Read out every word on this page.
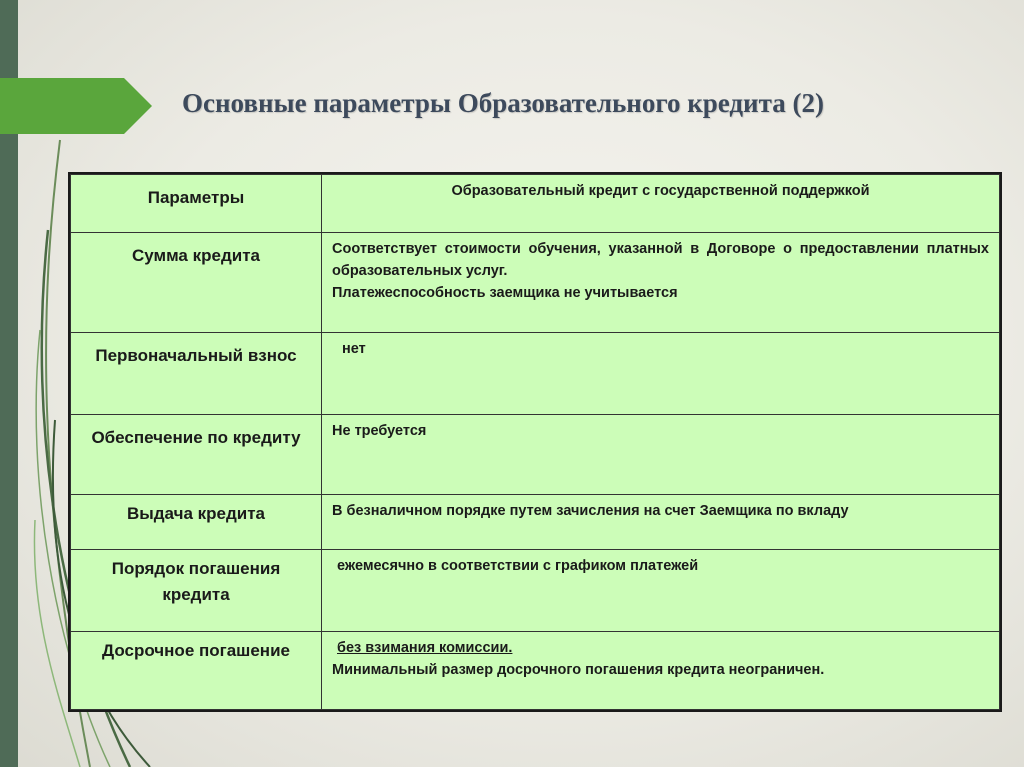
Основные параметры Образовательного кредита (2)
Параметры	Образовательный кредит с государственной поддержкой

Сумма кредита	Соответствует стоимости обучения, указанной в Договоре о предоставлении платных образовательных услуг.
Платежеспособность заемщика не учитывается

Первоначальный взнос	нет

Обеспечение по кредиту	Не требуется

Выдача кредита	В безналичном порядке путем зачисления на счет Заемщика по вкладу

Порядок погашения кредита	ежемесячно в соответствии с графиком платежей

Досрочное погашение	без взимания комиссии.
Минимальный размер досрочного погашения кредита неограничен.
